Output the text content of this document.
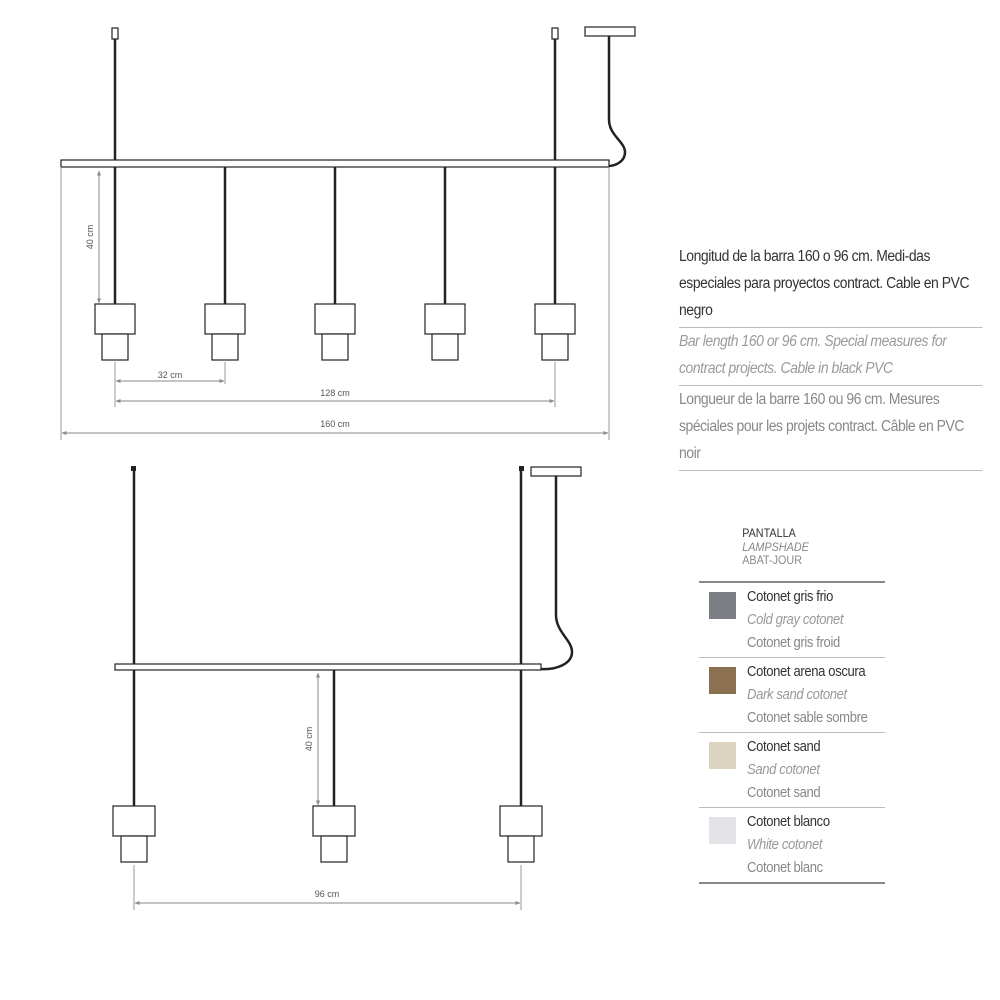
40 cm
32 cm
128 cm
160 cm
40 cm
96 cm

Longitud de la barra 160 o 96 cm. Medi-das especiales para proyectos contract. Cable en PVC negro

Bar length 160 or 96 cm. Special measures for contract projects. Cable in black PVC

Longueur de la barre 160 ou 96 cm. Mesures spéciales pour les projets contract. Câble en PVC noir

PANTALLA
LAMPSHADE
ABAT-JOUR
Cotonet gris frio
Cold gray cotonet
Cotonet gris froid
Cotonet arena oscura
Dark sand cotonet
Cotonet sable sombre
Cotonet sand
Sand cotonet
Cotonet sand
Cotonet blanco
White cotonet
Cotonet blanc
